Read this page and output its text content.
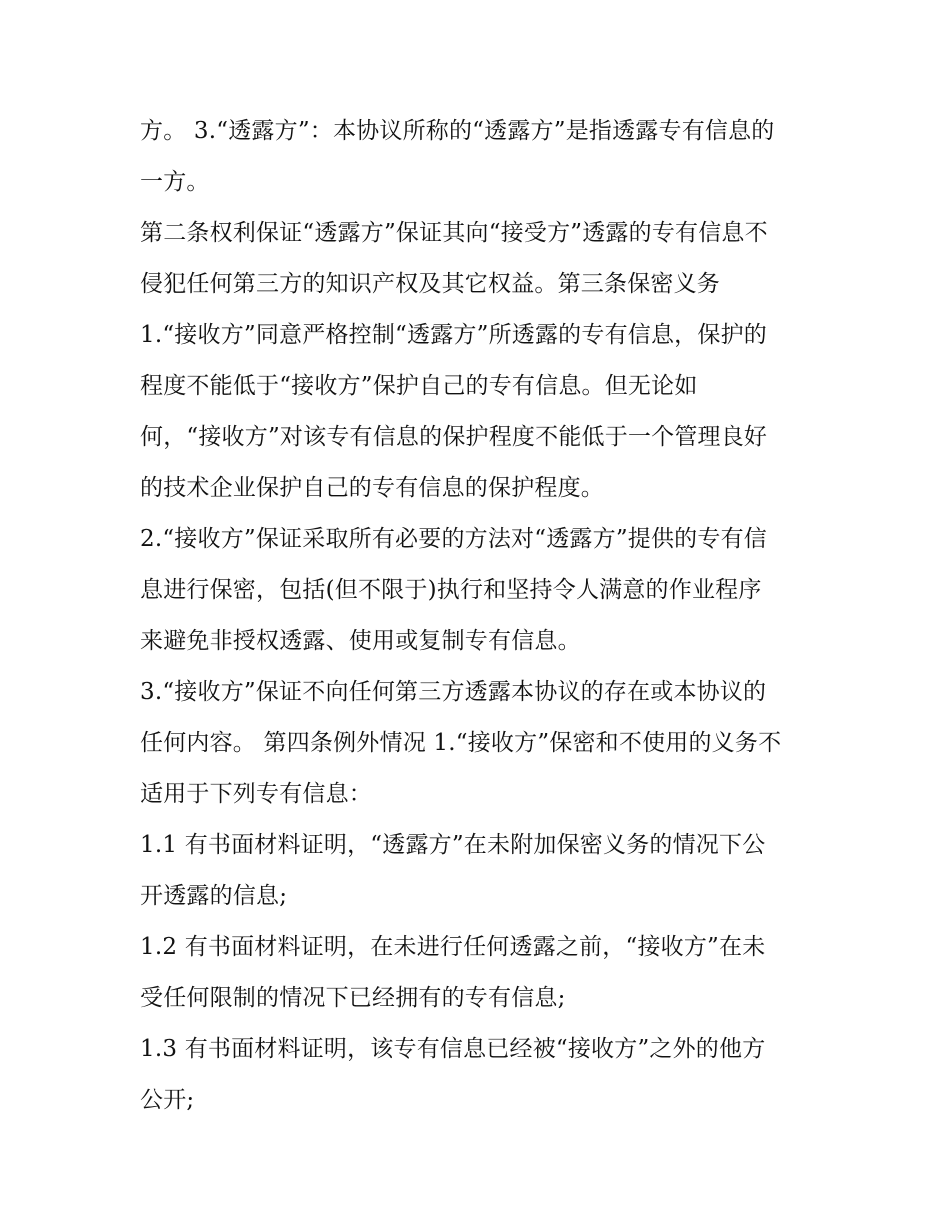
方。 3.“透露方”：本协议所称的“透露方”是指透露专有信息的
一方。
第二条权利保证“透露方”保证其向“接受方”透露的专有信息不
侵犯任何第三方的知识产权及其它权益。第三条保密义务
1.“接收方”同意严格控制“透露方”所透露的专有信息，保护的
程度不能低于“接收方”保护自己的专有信息。但无论如
何，“接收方”对该专有信息的保护程度不能低于一个管理良好
的技术企业保护自己的专有信息的保护程度。
2.“接收方”保证采取所有必要的方法对“透露方”提供的专有信
息进行保密，包括(但不限于)执行和坚持令人满意的作业程序
来避免非授权透露、使用或复制专有信息。
3.“接收方”保证不向任何第三方透露本协议的存在或本协议的
任何内容。 第四条例外情况 1.“接收方”保密和不使用的义务不
适用于下列专有信息：
1.1 有书面材料证明，“透露方”在未附加保密义务的情况下公
开透露的信息;
1.2 有书面材料证明，在未进行任何透露之前，“接收方”在未
受任何限制的情况下已经拥有的专有信息;
1.3 有书面材料证明，该专有信息已经被“接收方”之外的他方
公开;
